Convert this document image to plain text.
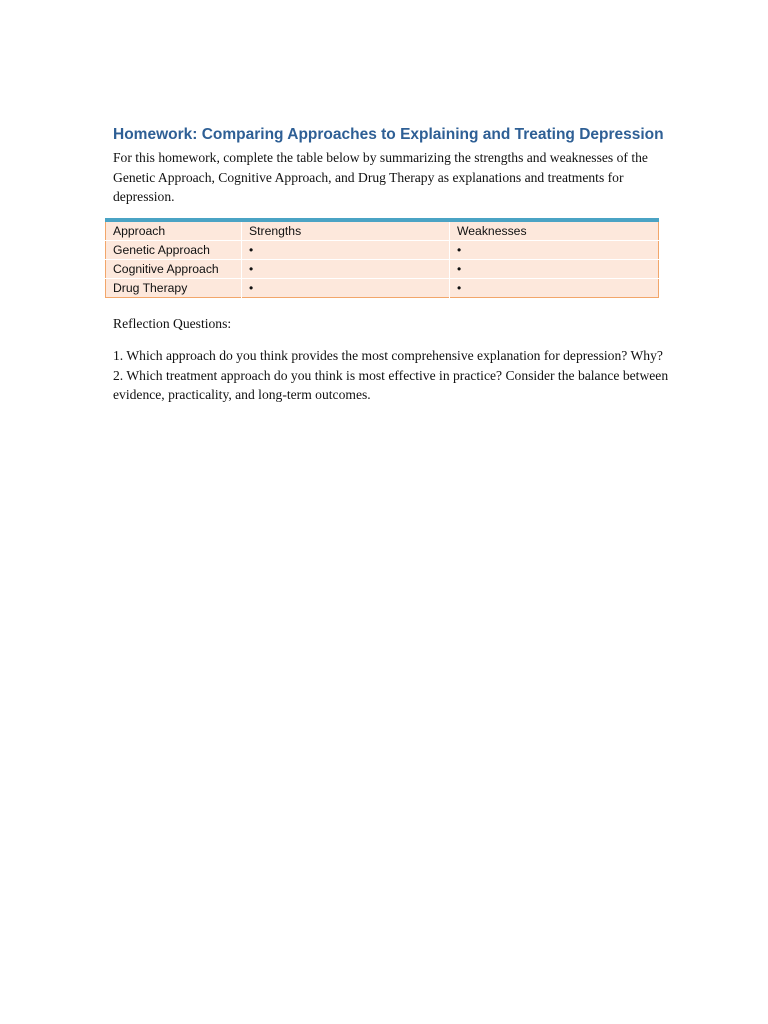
Homework: Comparing Approaches to Explaining and Treating Depression

For this homework, complete the table below by summarizing the strengths and weaknesses of the Genetic Approach, Cognitive Approach, and Drug Therapy as explanations and treatments for depression.

Approach	Strengths	Weaknesses
Genetic Approach	•	•
Cognitive Approach	•	•
Drug Therapy	•	•

Reflection Questions:

1. Which approach do you think provides the most comprehensive explanation for depression? Why?

2. Which treatment approach do you think is most effective in practice? Consider the balance between evidence, practicality, and long-term outcomes.
